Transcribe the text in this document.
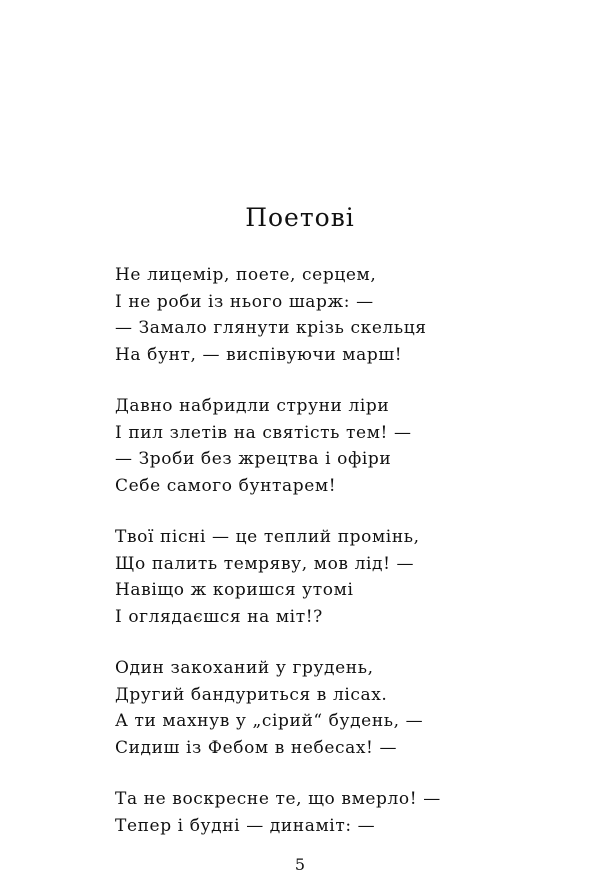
Поетові
Не лицемір, поете, серцем,
І не роби із нього шарж: —
— Замало глянути крізь скельця
На бунт, — виспівуючи марш!
Давно набридли струни ліри
І пил злетів на святість тем! —
— Зроби без жрецтва і офіри
Себе самого бунтарем!
Твої пісні — це теплий промінь,
Що палить темряву, мов лід! —
Навіщо ж коришся утомі
І оглядаєшся на міт!?
Один закоханий у грудень,
Другий бандуриться в лісах.
А ти махнув у „сірий“ будень, —
Сидиш із Фебом в небесах! —
Та не воскресне те, що вмерло! —
Тепер і будні — динаміт: —
5
